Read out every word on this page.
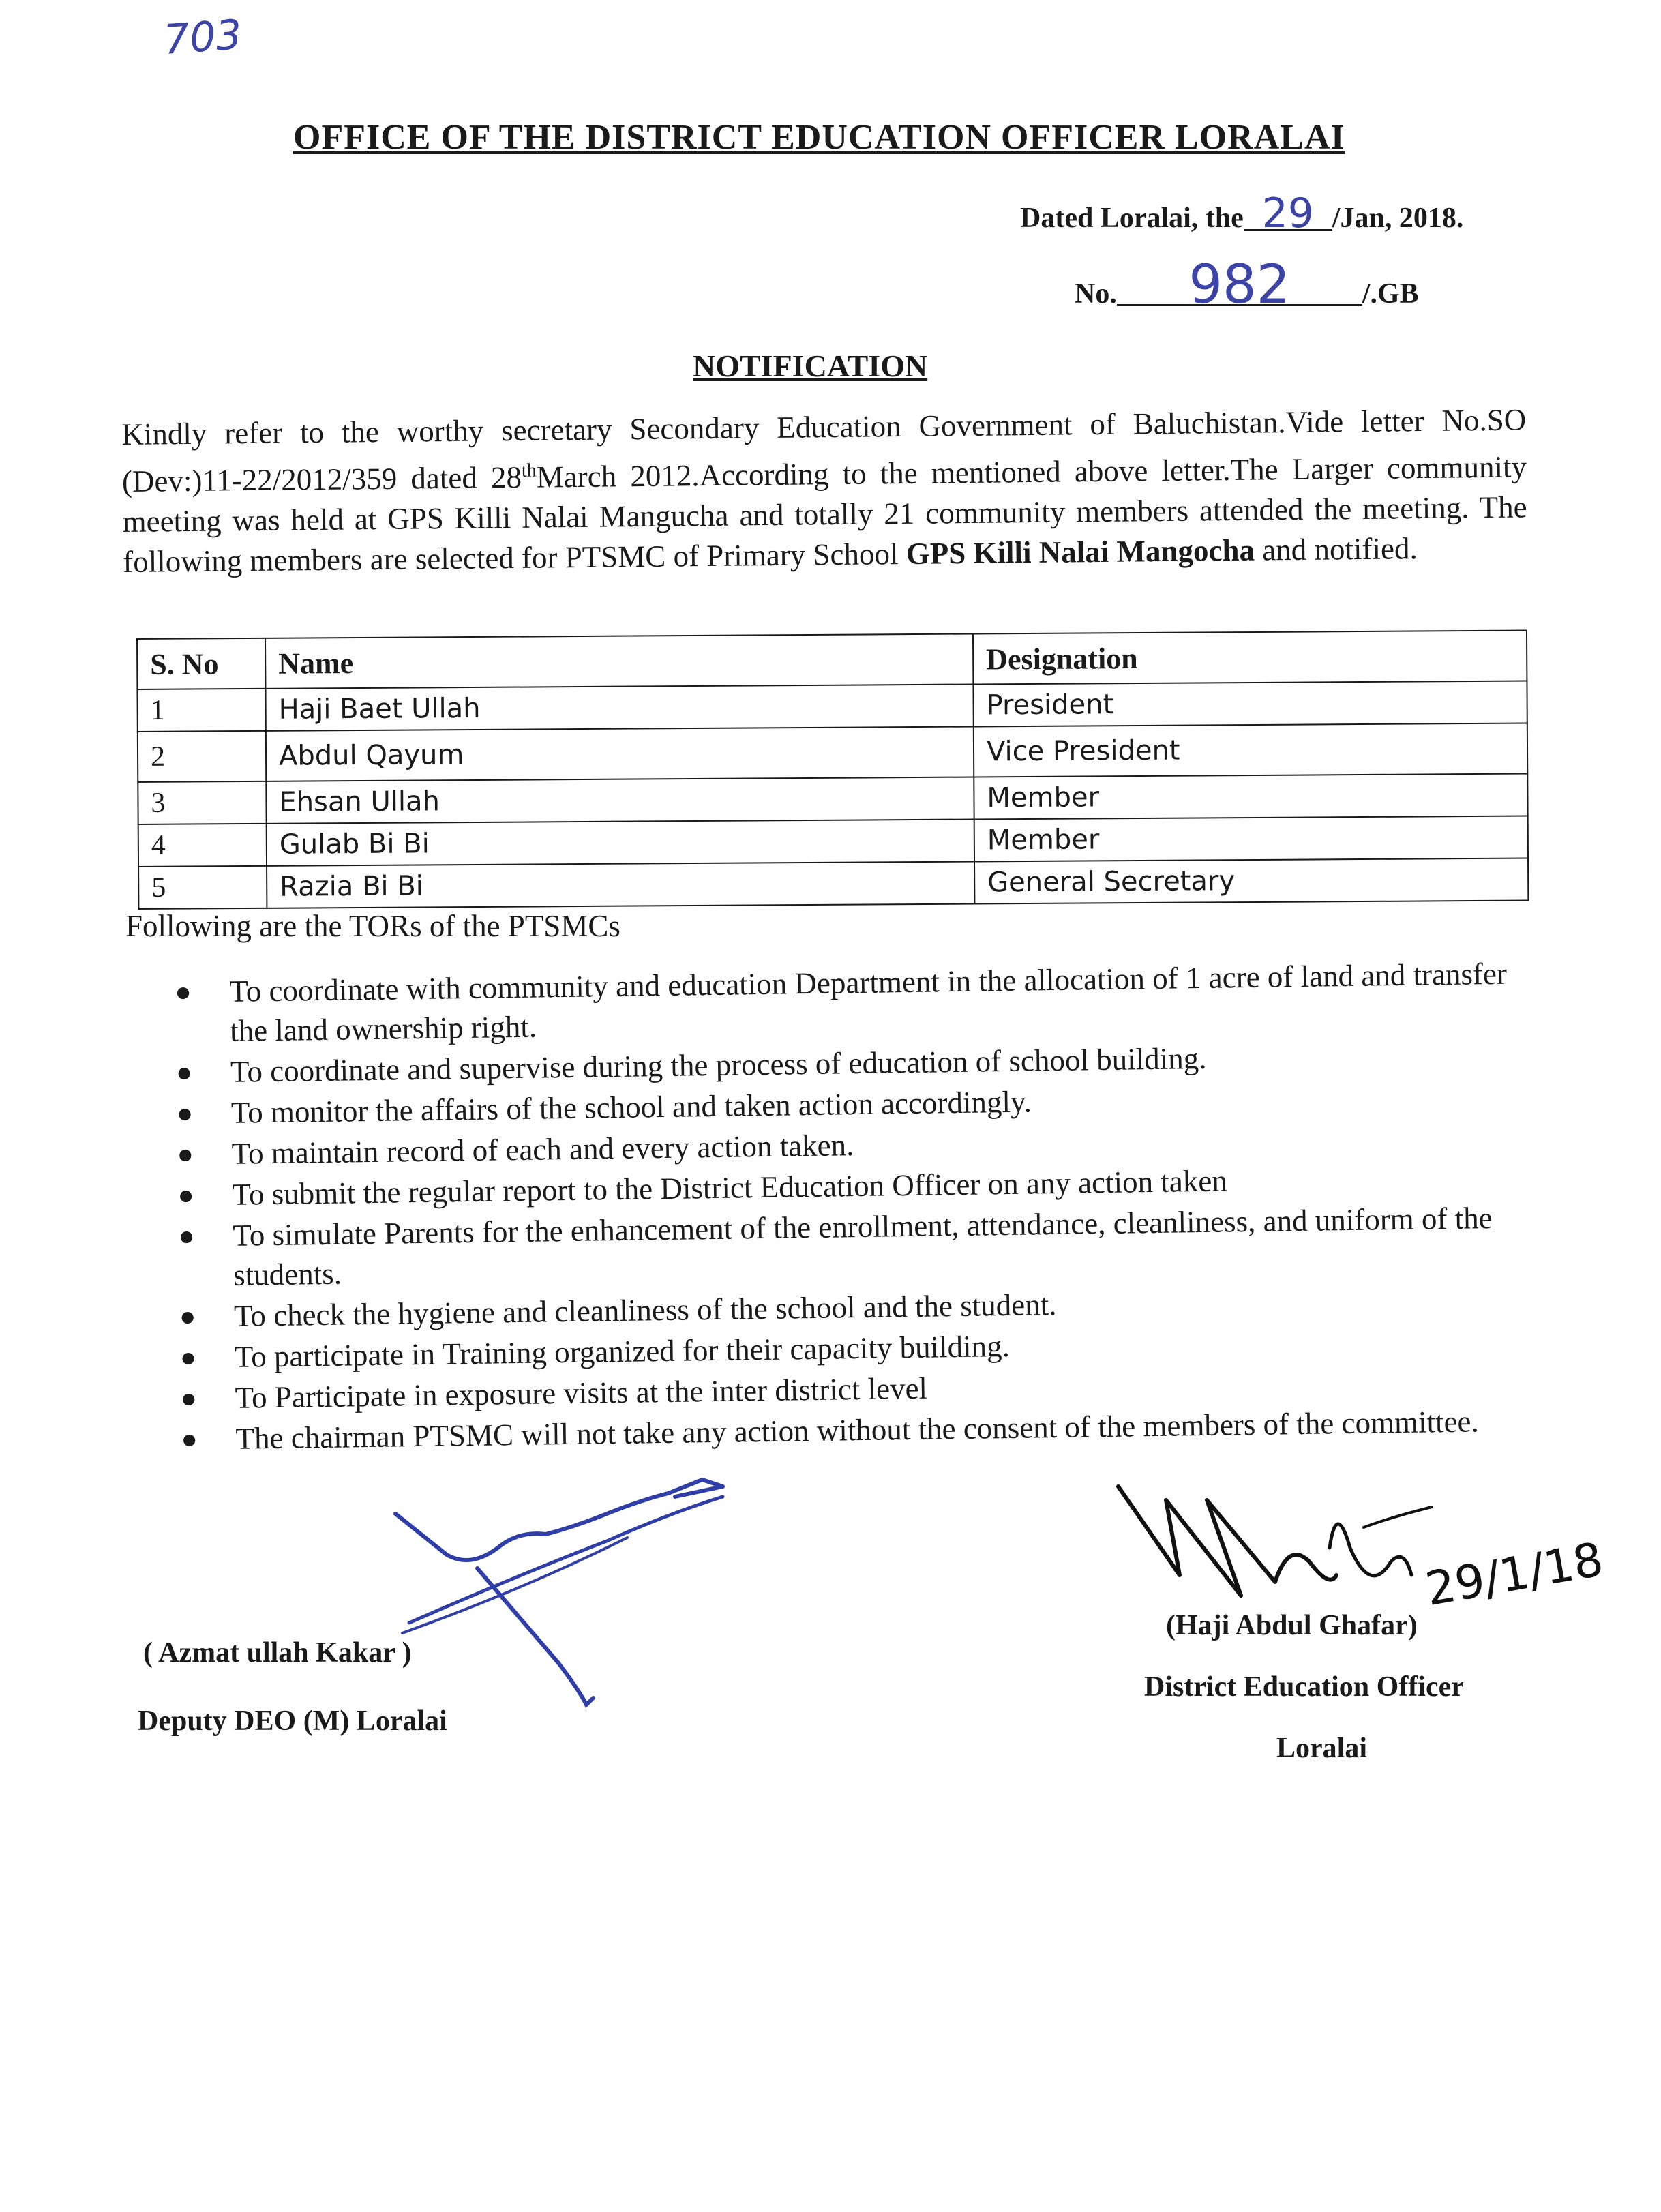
703
OFFICE OF THE DISTRICT EDUCATION OFFICER LORALAI
Dated Loralai, the 29 /Jan, 2018.
No. 982	/.GB
NOTIFICATION
Kindly refer to the worthy secretary Secondary Education Government of Baluchistan.Vide letter No.SO (Dev:)11-22/2012/359 dated 28thMarch 2012.According to the mentioned above letter.The Larger community meeting was held at GPS Killi Nalai Mangucha and totally 21 community members attended the meeting. The following members are selected for PTSMC of Primary School GPS Killi Nalai Mangocha and notified.
S. No	Name	Designation
1	Haji Baet Ullah	President
2	Abdul Qayum	Vice President
3	Ehsan Ullah	Member
4	Gulab Bi Bi	Member
5	Razia Bi Bi	General Secretary
Following are the TORs of the PTSMCs
● To coordinate with community and education Department in the allocation of 1 acre of land and transfer the land ownership right.
● To coordinate and supervise during the process of education of school building.
● To monitor the affairs of the school and taken action accordingly.
● To maintain record of each and every action taken.
● To submit the regular report to the District Education Officer on any action taken
● To simulate Parents for the enhancement of the enrollment, attendance, cleanliness, and uniform of the students.
● To check the hygiene and cleanliness of the school and the student.
● To participate in Training organized for their capacity building.
● To Participate in exposure visits at the inter district level
● The chairman PTSMC will not take any action without the consent of the members of the committee.
29/1/18
( Azmat ullah Kakar )
Deputy DEO (M) Loralai
(Haji Abdul Ghafar)
District Education Officer
Loralai
